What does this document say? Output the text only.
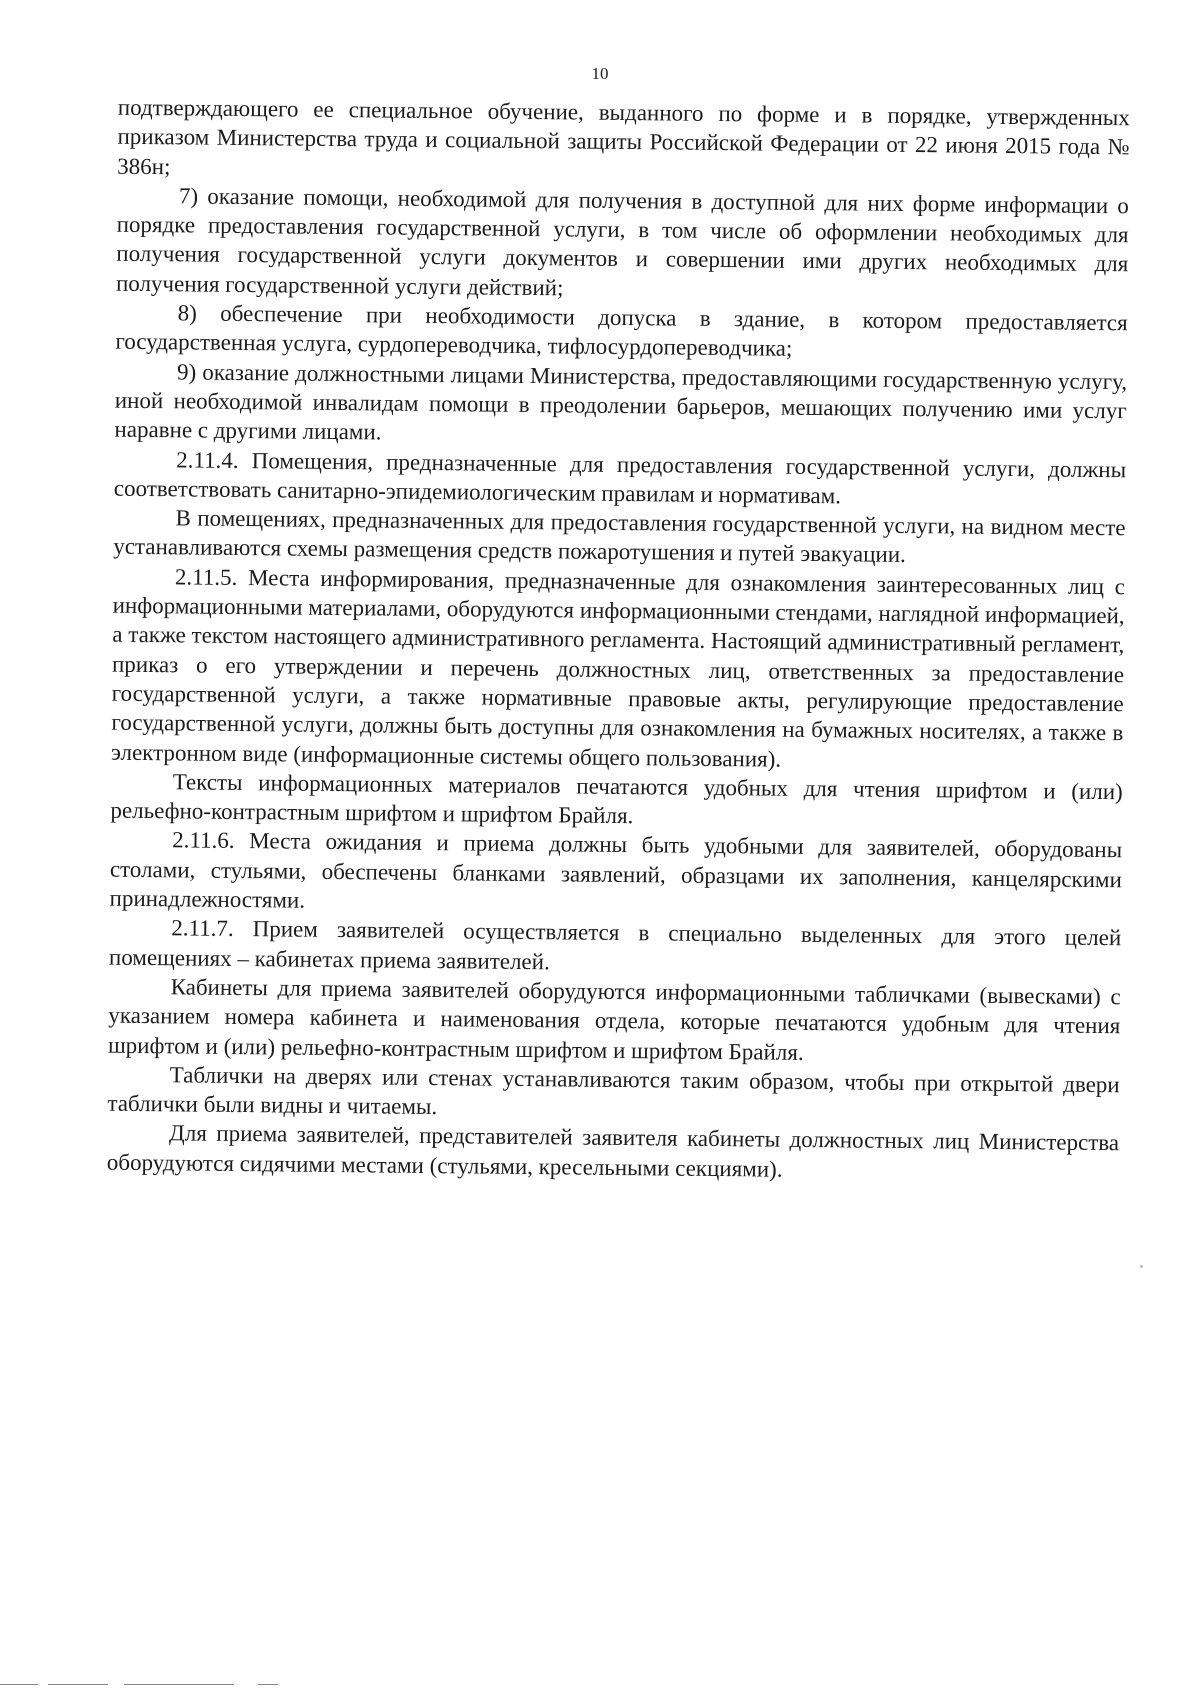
10

подтверждающего ее специальное обучение, выданного по форме и в порядке, утвержденных приказом Министерства труда и социальной защиты Российской Федерации от 22 июня 2015 года № 386н;

7) оказание помощи, необходимой для получения в доступной для них форме информации о порядке предоставления государственной услуги, в том числе об оформлении необходимых для получения государственной услуги документов и совершении ими других необходимых для получения государственной услуги действий;

8) обеспечение при необходимости допуска в здание, в котором предоставляется государственная услуга, сурдопереводчика, тифлосурдопереводчика;

9) оказание должностными лицами Министерства, предоставляющими государственную услугу, иной необходимой инвалидам помощи в преодолении барьеров, мешающих получению ими услуг наравне с другими лицами.

2.11.4. Помещения, предназначенные для предоставления государственной услуги, должны соответствовать санитарно-эпидемиологическим правилам и нормативам.

В помещениях, предназначенных для предоставления государственной услуги, на видном месте устанавливаются схемы размещения средств пожаротушения и путей эвакуации.

2.11.5. Места информирования, предназначенные для ознакомления заинтересованных лиц с информационными материалами, оборудуются информационными стендами, наглядной информацией, а также текстом настоящего административного регламента. Настоящий административный регламент, приказ о его утверждении и перечень должностных лиц, ответственных за предоставление государственной услуги, а также нормативные правовые акты, регулирующие предоставление государственной услуги, должны быть доступны для ознакомления на бумажных носителях, а также в электронном виде (информационные системы общего пользования).

Тексты информационных материалов печатаются удобных для чтения шрифтом и (или) рельефно-контрастным шрифтом и шрифтом Брайля.

2.11.6. Места ожидания и приема должны быть удобными для заявителей, оборудованы столами, стульями, обеспечены бланками заявлений, образцами их заполнения, канцелярскими принадлежностями.

2.11.7. Прием заявителей осуществляется в специально выделенных для этого целей помещениях – кабинетах приема заявителей.

Кабинеты для приема заявителей оборудуются информационными табличками (вывесками) с указанием номера кабинета и наименования отдела, которые печатаются удобным для чтения шрифтом и (или) рельефно-контрастным шрифтом и шрифтом Брайля.

Таблички на дверях или стенах устанавливаются таким образом, чтобы при открытой двери таблички были видны и читаемы.

Для приема заявителей, представителей заявителя кабинеты должностных лиц Министерства оборудуются сидячими местами (стульями, кресельными секциями).
